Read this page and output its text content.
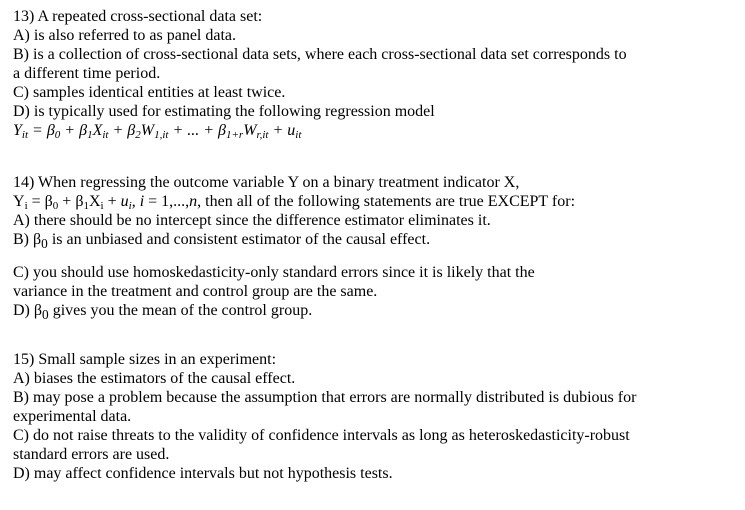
13) A repeated cross-sectional data set:
A) is also referred to as panel data.
B) is a collection of cross-sectional data sets, where each cross-sectional data set corresponds to
a different time period.
C) samples identical entities at least twice.
D) is typically used for estimating the following regression model
$Y_{it} = \beta_0 + \beta_1X_{it} + \beta_2W_{1,it}$ + ... + $\beta_{1+r}W_{r,it} + u_{it}$
14) When regressing the outcome variable Y on a binary treatment indicator X,
$Y_i = \beta_0 + \beta_1X_i + u_i$, i = 1,...,n, then all of the following statements are true EXCEPT for:
A) there should be no intercept since the difference estimator eliminates it.
B) $\beta_0$ is an unbiased and consistent estimator of the causal effect.
C) you should use homoskedasticity-only standard errors since it is likely that the
variance in the treatment and control group are the same.
D) $\beta_0$ gives you the mean of the control group.
15) Small sample sizes in an experiment:
A) biases the estimators of the causal effect.
B) may pose a problem because the assumption that errors are normally distributed is dubious for
experimental data.
C) do not raise threats to the validity of confidence intervals as long as heteroskedasticity-robust
standard errors are used.
D) may affect confidence intervals but not hypothesis tests.
